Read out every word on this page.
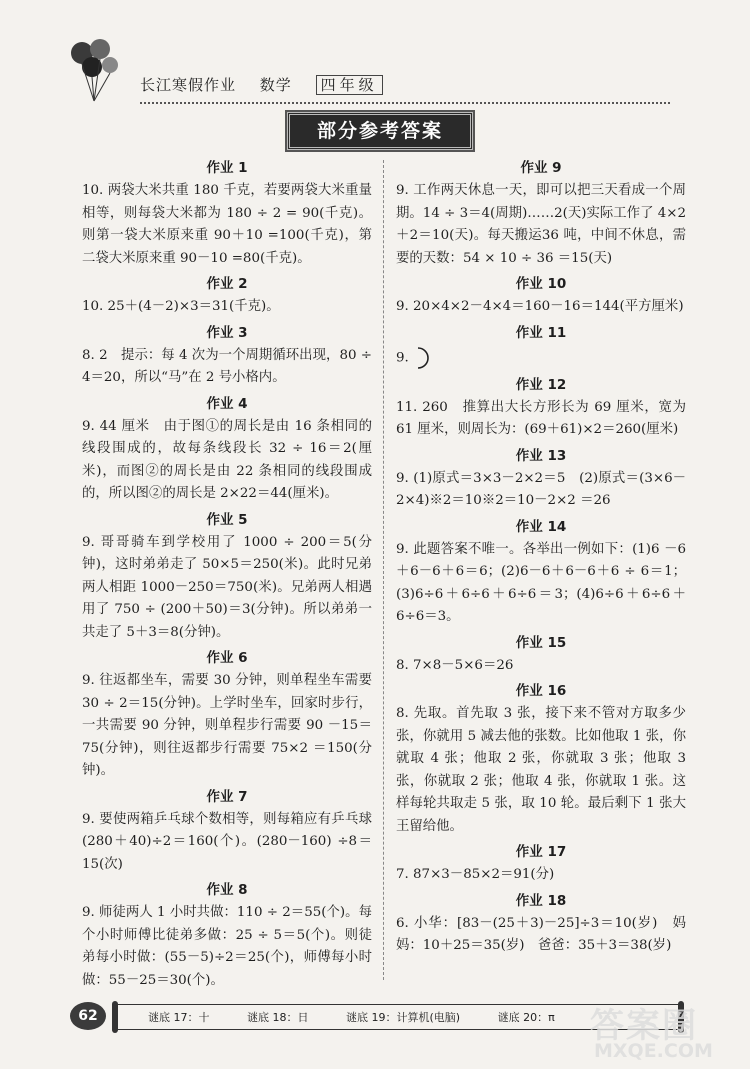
长江寒假作业 数学 四年级
部分参考答案
作业 1

10. 两袋大米共重 180 千克，若要两袋大米重量相等，则每袋大米都为 180 ÷ 2 = 90(千克)。则第一袋大米原来重 90＋10 =100(千克)，第二袋大米原来重 90－10 =80(千克)。

作业 2

10. 25＋(4－2)×3＝31(千克)。

作业 3

8. 2　提示：每 4 次为一个周期循环出现，80 ÷ 4＝20，所以“马”在 2 号小格内。

作业 4

9. 44 厘米　由于图①的周长是由 16 条相同的线段围成的，故每条线段长 32 ÷ 16＝2(厘米)，而图②的周长是由 22 条相同的线段围成的，所以图②的周长是 2×22＝44(厘米)。

作业 5

9. 哥哥骑车到学校用了 1000 ÷ 200＝5(分钟)，这时弟弟走了 50×5＝250(米)。此时兄弟两人相距 1000－250＝750(米)。兄弟两人相遇用了 750 ÷ (200＋50)＝3(分钟)。所以弟弟一共走了 5＋3＝8(分钟)。

作业 6

9. 往返都坐车，需要 30 分钟，则单程坐车需要 30 ÷ 2＝15(分钟)。上学时坐车，回家时步行，一共需要 90 分钟，则单程步行需要 90 －15＝75(分钟)，则往返都步行需要 75×2 ＝150(分钟)。

作业 7

9. 要使两箱乒乓球个数相等，则每箱应有乒乓球(280＋40)÷2＝160(个)。(280－160) ÷8＝15(次)

作业 8

9. 师徒两人 1 小时共做：110 ÷ 2＝55(个)。每个小时师傅比徒弟多做：25 ÷ 5＝5(个)。则徒弟每小时做：(55－5)÷2＝25(个)，师傅每小时做：55－25＝30(个)。

作业 9

9. 工作两天休息一天，即可以把三天看成一个周期。14 ÷ 3＝4(周期)……2(天)实际工作了 4×2＋2＝10(天)。每天搬运36 吨，中间不休息，需要的天数：54 × 10 ÷ 36 ＝15(天)

作业 10

9. 20×4×2－4×4＝160－16＝144(平方厘米)

作业 11

9.

作业 12

11. 260　推算出大长方形长为 69 厘米，宽为 61 厘米，则周长为：(69＋61)×2＝260(厘米)

作业 13

9. (1)原式＝3×3－2×2＝5　(2)原式＝(3×6－2×4)※2＝10※2＝10－2×2 ＝26

作业 14

9. 此题答案不唯一。各举出一例如下：(1)6 －6＋6－6＋6＝6；(2)6－6＋6－6＋6 ÷ 6＝1；(3)6÷6＋6÷6＋6÷6＝3；(4)6÷6＋6÷6＋6÷6＝3。

作业 15

8. 7×8－5×6＝26

作业 16

8. 先取。首先取 3 张，接下来不管对方取多少张，你就用 5 减去他的张数。比如他取 1 张，你就取 4 张；他取 2 张，你就取 3 张；他取 3 张，你就取 2 张；他取 4 张，你就取 1 张。这样每轮共取走 5 张，取 10 轮。最后剩下 1 张大王留给他。

作业 17

7. 87×3－85×2＝91(分)

作业 18

6. 小华：[83－(25＋3)－25]÷3＝10(岁)　妈妈：10＋25＝35(岁)　爸爸：35＋3＝38(岁)

62	谜底 17：十	谜底 18：日	谜底 19：计算机(电脑)	谜底 20：π	答案圈
MXQE.COM
